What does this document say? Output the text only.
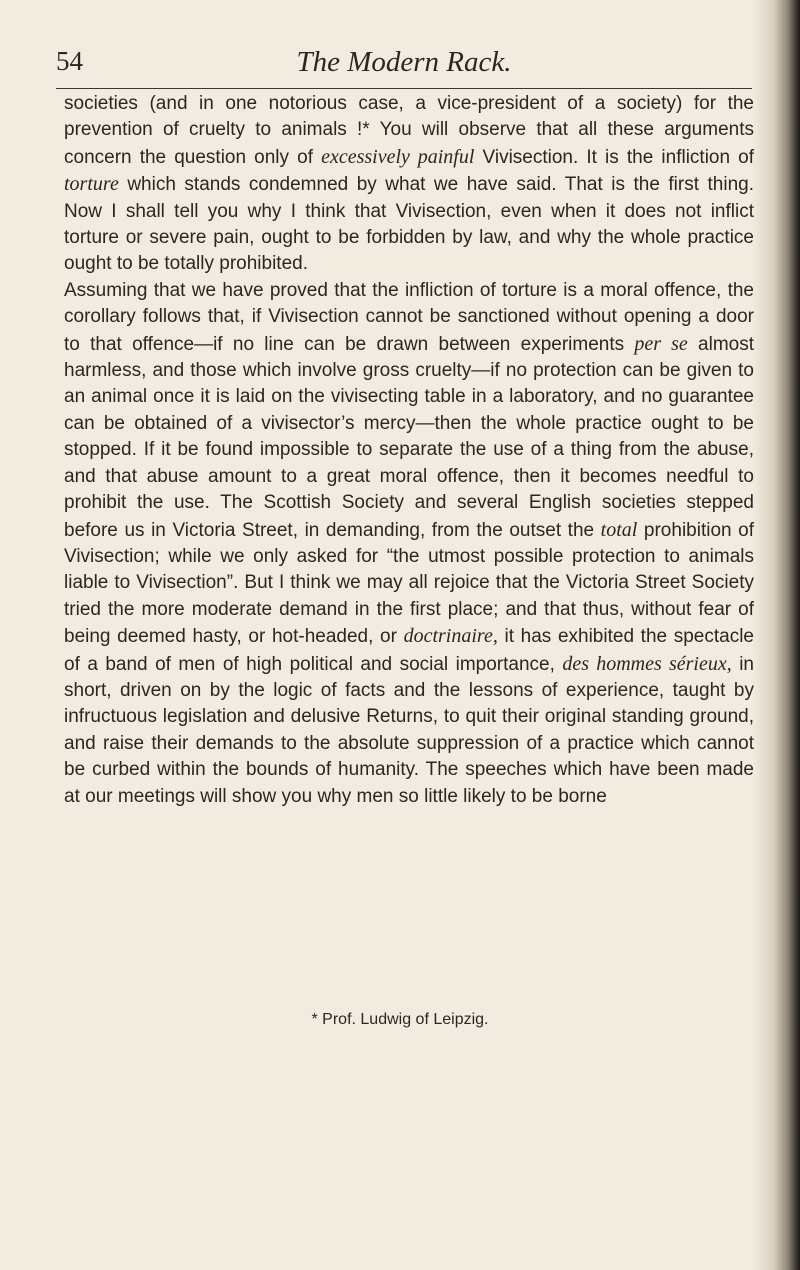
54	The Modern Rack.

societies (and in one notorious case, a vice-president of a society) for the prevention of cruelty to animals !* You will observe that all these arguments concern the question only of excessively painful Vivisection. It is the infliction of torture which stands condemned by what we have said. That is the first thing. Now I shall tell you why I think that Vivisection, even when it does not inflict torture or severe pain, ought to be forbidden by law, and why the whole practice ought to be totally prohibited.

Assuming that we have proved that the infliction of torture is a moral offence, the corollary follows that, if Vivisection cannot be sanctioned without opening a door to that offence—if no line can be drawn between experiments per se almost harmless, and those which involve gross cruelty—if no protection can be given to an animal once it is laid on the vivisecting table in a laboratory, and no guarantee can be obtained of a vivisector’s mercy—then the whole practice ought to be stopped. If it be found impossible to separate the use of a thing from the abuse, and that abuse amount to a great moral offence, then it becomes needful to prohibit the use. The Scottish Society and several English societies stepped before us in Victoria Street, in demanding, from the outset the total prohibition of Vivisection; while we only asked for “the utmost possible protection to animals liable to Vivisection”. But I think we may all rejoice that the Victoria Street Society tried the more moderate demand in the first place; and that thus, without fear of being deemed hasty, or hot-headed, or doctrinaire, it has exhibited the spectacle of a band of men of high political and social importance, des hommes sérieux, in short, driven on by the logic of facts and the lessons of experience, taught by infructuous legislation and delusive Returns, to quit their original standing ground, and raise their demands to the absolute suppression of a practice which cannot be curbed within the bounds of humanity. The speeches which have been made at our meetings will show you why men so little likely to be borne

* Prof. Ludwig of Leipzig.
